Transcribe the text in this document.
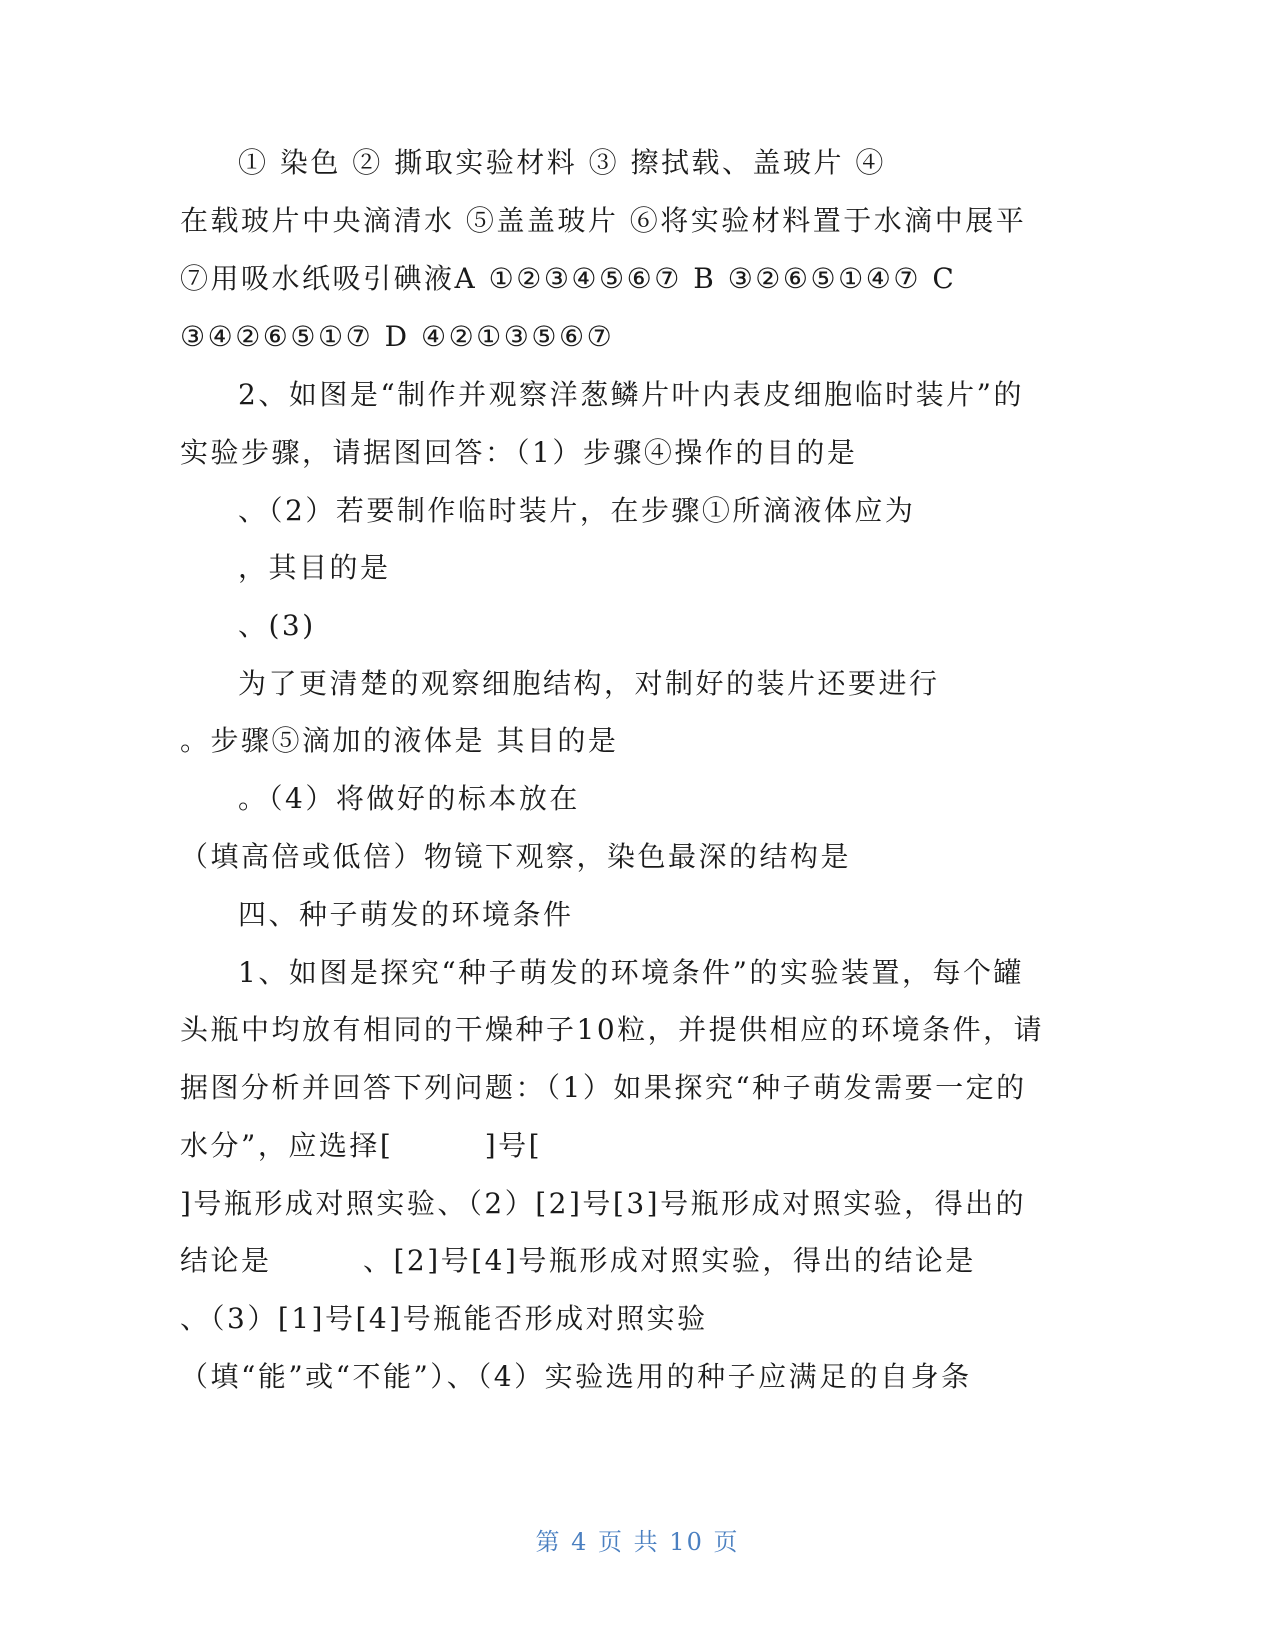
① 染色 ② 撕取实验材料 ③ 擦拭载、盖玻片 ④
在载玻片中央滴清水 ⑤盖盖玻片 ⑥将实验材料置于水滴中展平
⑦用吸水纸吸引碘液A ①②③④⑤⑥⑦ B ③②⑥⑤①④⑦ C
③④②⑥⑤①⑦ D ④②①③⑤⑥⑦
2、如图是“制作并观察洋葱鳞片叶内表皮细胞临时装片”的
实验步骤，请据图回答：（1）步骤④操作的目的是
、（2）若要制作临时装片，在步骤①所滴液体应为
，其目的是
、(3)
为了更清楚的观察细胞结构，对制好的装片还要进行
。步骤⑤滴加的液体是 其目的是
。（4）将做好的标本放在
（填高倍或低倍）物镜下观察，染色最深的结构是
四、种子萌发的环境条件
1、如图是探究“种子萌发的环境条件”的实验装置，每个罐
头瓶中均放有相同的干燥种子10粒，并提供相应的环境条件，请
据图分析并回答下列问题：（1）如果探究“种子萌发需要一定的
水分”，应选择[　　　]号[
]号瓶形成对照实验、（2）[2]号[3]号瓶形成对照实验，得出的
结论是　　　、[2]号[4]号瓶形成对照实验，得出的结论是
、（3）[1]号[4]号瓶能否形成对照实验
（填“能”或“不能”）、（4）实验选用的种子应满足的自身条
第 4 页 共 10 页
